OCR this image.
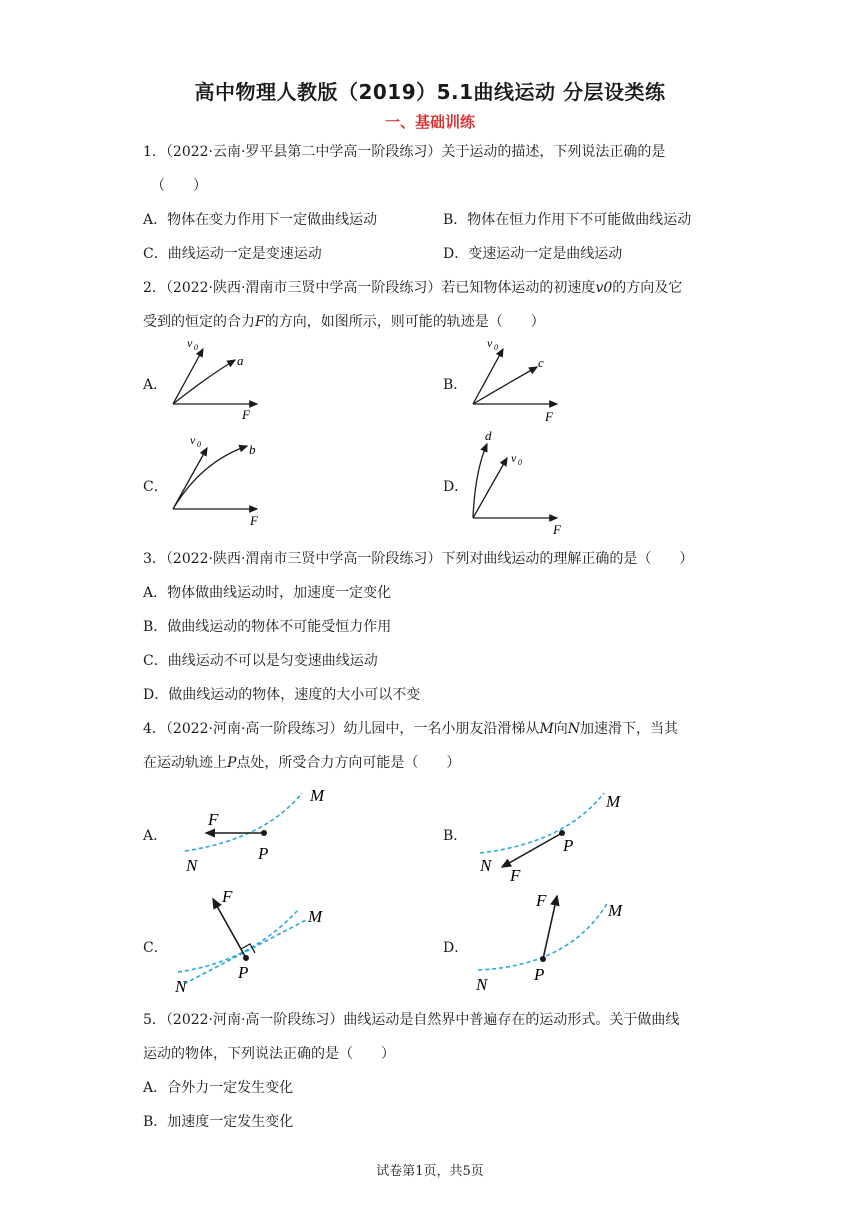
高中物理人教版（2019）5.1曲线运动 分层设类练
一、基础训练
1．（2022·云南·罗平县第二中学高一阶段练习）关于运动的描述，下列说法正确的是
（　　）
A．物体在变力作用下一定做曲线运动	B．物体在恒力作用下不可能做曲线运动
C．曲线运动一定是变速运动	D．变速运动一定是曲线运动
2．（2022·陕西·渭南市三贤中学高一阶段练习）若已知物体运动的初速度v0的方向及它
受到的恒定的合力F的方向，如图所示，则可能的轨迹是（　　）
A．	B．
C．	D．
v 0
a
F
v 0
c
F
v 0	b
F
d
v 0
F
3．（2022·陕西·渭南市三贤中学高一阶段练习）下列对曲线运动的理解正确的是（　　）
A．物体做曲线运动时，加速度一定变化
B．做曲线运动的物体不可能受恒力作用
C．曲线运动不可以是匀变速曲线运动
D．做曲线运动的物体，速度的大小可以不变
4．（2022·河南·高一阶段练习）幼儿园中，一名小朋友沿滑梯从M向N加速滑下，当其
在运动轨迹上P点处，所受合力方向可能是（　　）
A．	B．
C．	D．
F
M
N
P
M
N
P
F
F
M
N
P
F
M
N
P
5．（2022·河南·高一阶段练习）曲线运动是自然界中普遍存在的运动形式。关于做曲线
运动的物体，下列说法正确的是（　　）
A．合外力一定发生变化
B．加速度一定发生变化
试卷第1页，共5页
